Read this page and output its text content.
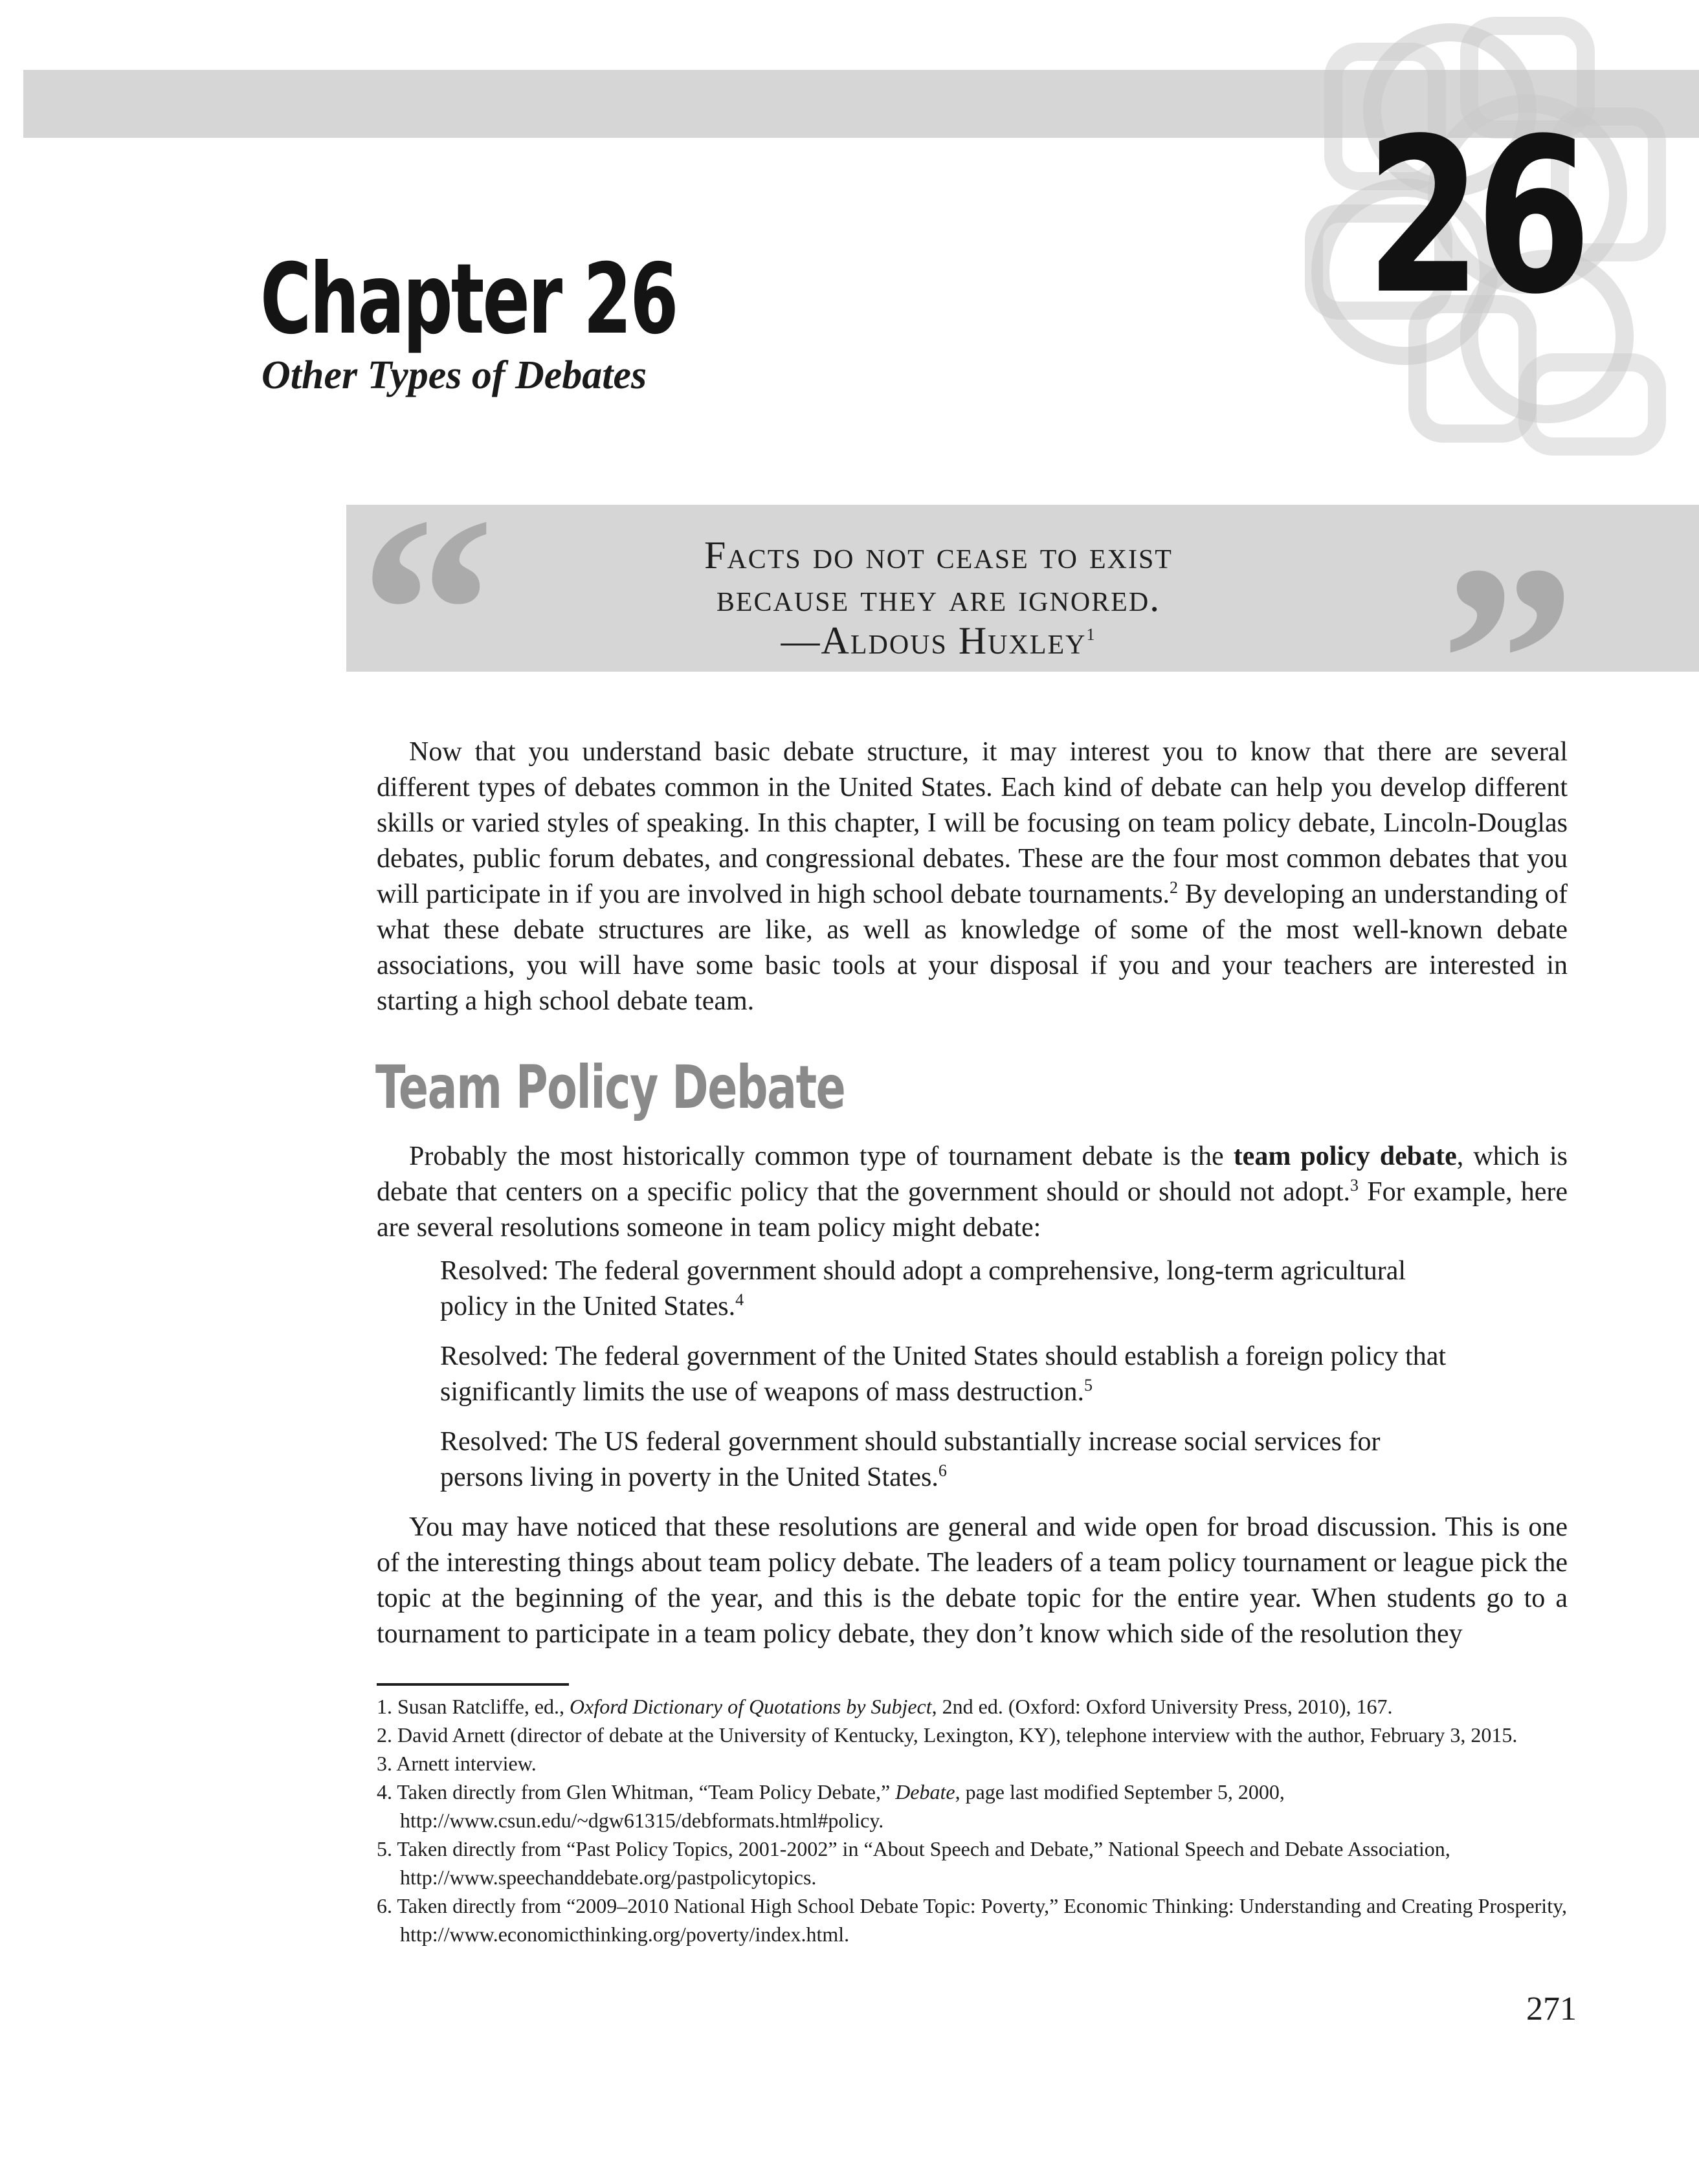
26
Chapter 26
Other Types of Debates
“	”
Facts do not cease to exist
because they are ignored.
—Aldous Huxley$^1$

Now that you understand basic debate structure, it may interest you to know that there are several different types of debates common in the United States. Each kind of debate can help you develop different skills or varied styles of speaking. In this chapter, I will be focusing on team policy debate, Lincoln-Douglas debates, public forum debates, and congressional debates. These are the four most common debates that you will participate in if you are involved in high school debate tournaments.$^2$ By developing an understanding of what these debate structures are like, as well as knowledge of some of the most well-known debate associations, you will have some basic tools at your disposal if you and your teachers are interested in starting a high school debate team.

Team Policy Debate

Probably the most historically common type of tournament debate is the team policy debate, which is debate that centers on a specific policy that the government should or should not adopt.$^3$ For example, here are several resolutions someone in team policy might debate:

Resolved: The federal government should adopt a comprehensive, long-term agricultural policy in the United States.$^4$
Resolved: The federal government of the United States should establish a foreign policy that significantly limits the use of weapons of mass destruction.$^5$
Resolved: The US federal government should substantially increase social services for persons living in poverty in the United States.$^6$

You may have noticed that these resolutions are general and wide open for broad discussion. This is one of the interesting things about team policy debate. The leaders of a team policy tournament or league pick the topic at the beginning of the year, and this is the debate topic for the entire year. When students go to a tournament to participate in a team policy debate, they don’t know which side of the resolution they

1. Susan Ratcliffe, ed., Oxford Dictionary of Quotations by Subject, 2nd ed. (Oxford: Oxford University Press, 2010), 167.
2. David Arnett (director of debate at the University of Kentucky, Lexington, KY), telephone interview with the author, February 3, 2015.
3. Arnett interview.
4. Taken directly from Glen Whitman, “Team Policy Debate,” Debate, page last modified September 5, 2000, http://www.csun.edu/~dgw61315/debformats.html#policy.
5. Taken directly from “Past Policy Topics, 2001-2002” in “About Speech and Debate,” National Speech and Debate Association, http://www.speechanddebate.org/pastpolicytopics.
6. Taken directly from “2009–2010 National High School Debate Topic: Poverty,” Economic Thinking: Understanding and Creating Prosperity, http://www.economicthinking.org/poverty/index.html.
271
